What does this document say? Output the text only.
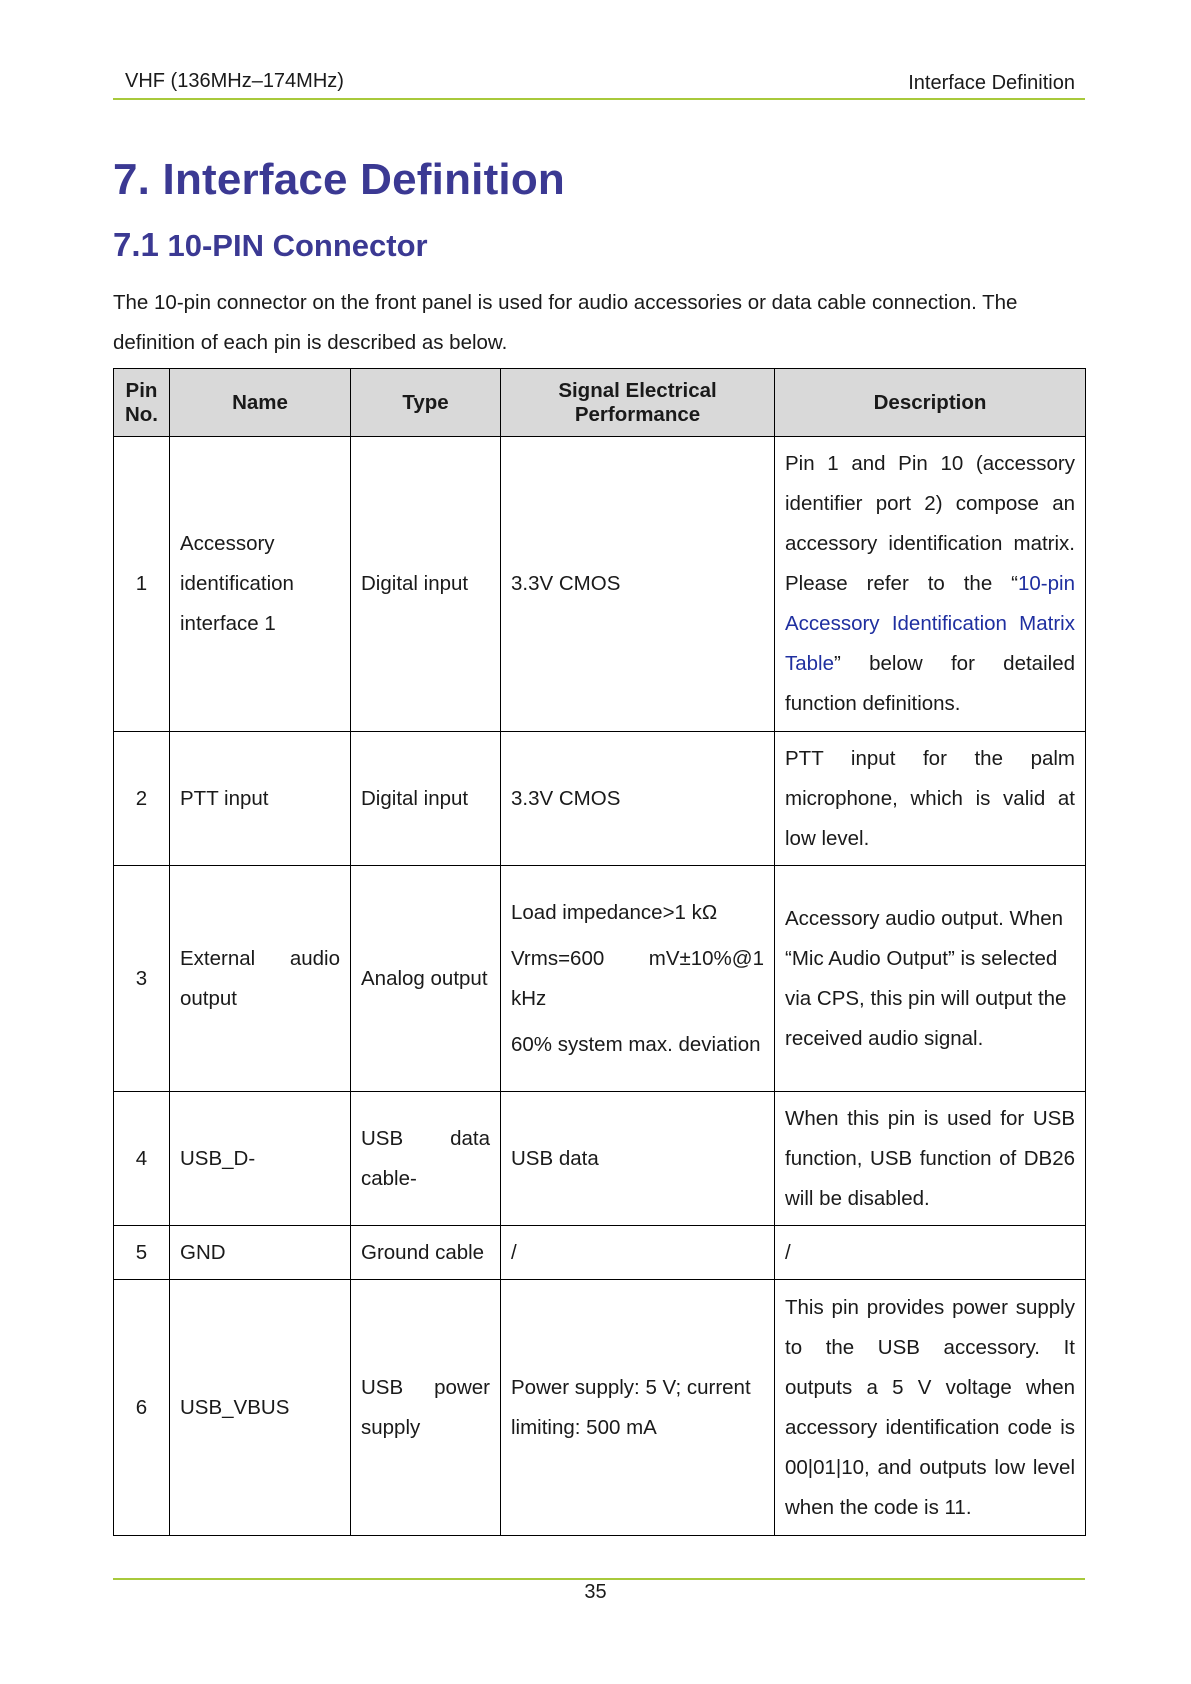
VHF (136MHz–174MHz)	Interface Definition
7. Interface Definition
7.1 10-PIN Connector
The 10-pin connector on the front panel is used for audio accessories or data cable connection. The definition of each pin is described as below.
Pin No.	Name	Type	Signal Electrical Performance	Description
1	Accessory identification interface 1	Digital input	3.3V CMOS	Pin 1 and Pin 10 (accessory identifier port 2) compose an accessory identification matrix. Please refer to the “10-pin Accessory Identification Matrix Table” below for detailed function definitions.
2	PTT input	Digital input	3.3V CMOS	PTT input for the palm microphone, which is valid at low level.
3	External audio output	Analog output	Load impedance>1 kΩ
Vrms=600 mV±10%@1 kHz
60% system max. deviation	Accessory audio output. When “Mic Audio Output” is selected via CPS, this pin will output the received audio signal.
4	USB_D-	USB data cable-	USB data	When this pin is used for USB function, USB function of DB26 will be disabled.
5	GND	Ground cable	/	/
6	USB_VBUS	USB power supply	Power supply: 5 V; current limiting: 500 mA	This pin provides power supply to the USB accessory. It outputs a 5 V voltage when accessory identification code is 00|01|10, and outputs low level when the code is 11.
35
